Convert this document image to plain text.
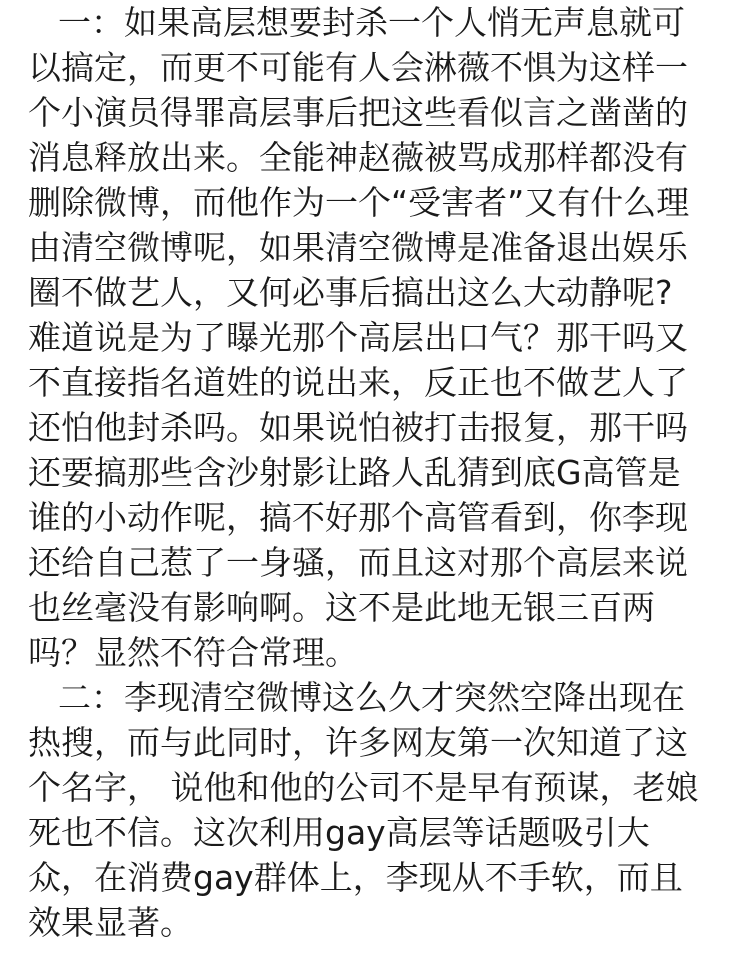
一：如果高层想要封杀一个人悄无声息就可
以搞定，而更不可能有人会淋薇不惧为这样一
个小演员得罪高层事后把这些看似言之凿凿的
消息释放出来。全能神赵薇被骂成那样都没有
删除微博，而他作为一个“受害者”又有什么理
由清空微博呢，如果清空微博是准备退出娱乐
圈不做艺人，又何必事后搞出这么大动静呢?
难道说是为了曝光那个高层出口气？那干吗又
不直接指名道姓的说出来，反正也不做艺人了
还怕他封杀吗。如果说怕被打击报复，那干吗
还要搞那些含沙射影让路人乱猜到底G高管是
谁的小动作呢，搞不好那个高管看到，你李现
还给自己惹了一身骚，而且这对那个高层来说
也丝毫没有影响啊。这不是此地无银三百两
吗？显然不符合常理。
二：李现清空微博这么久才突然空降出现在
热搜，而与此同时，许多网友第一次知道了这
个名字， 说他和他的公司不是早有预谋，老娘
死也不信。这次利用gay高层等话题吸引大
众，在消费gay群体上，李现从不手软，而且
效果显著。
